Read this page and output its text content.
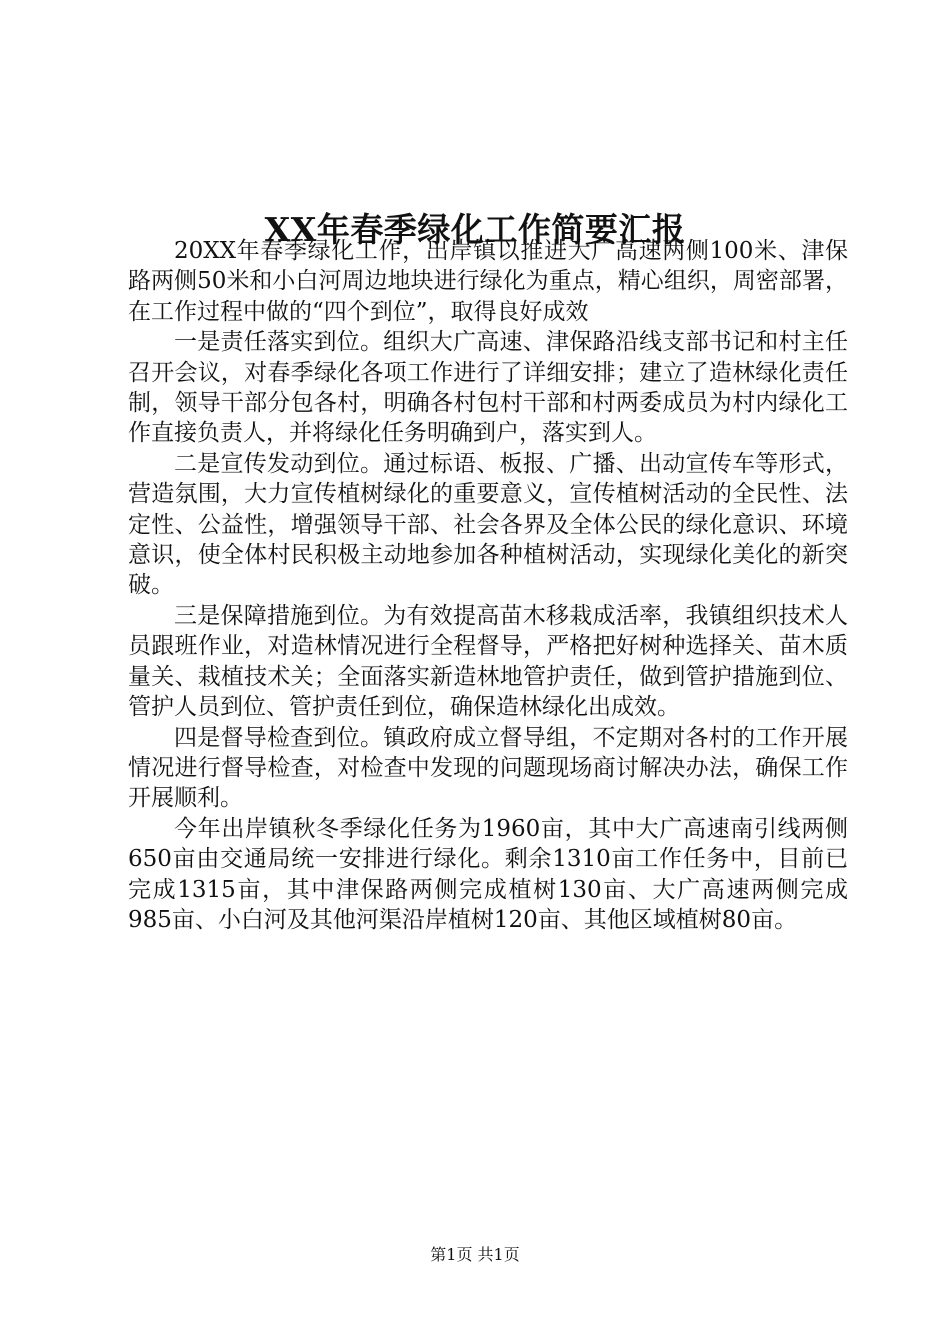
XX年春季绿化工作简要汇报

20XX年春季绿化工作，出岸镇以推进大广高速两侧100米、津保路两侧50米和小白河周边地块进行绿化为重点，精心组织，周密部署，在工作过程中做的“四个到位”，取得良好成效

一是责任落实到位。组织大广高速、津保路沿线支部书记和村主任召开会议，对春季绿化各项工作进行了详细安排；建立了造林绿化责任制，领导干部分包各村，明确各村包村干部和村两委成员为村内绿化工作直接负责人，并将绿化任务明确到户，落实到人。

二是宣传发动到位。通过标语、板报、广播、出动宣传车等形式，营造氛围，大力宣传植树绿化的重要意义，宣传植树活动的全民性、法定性、公益性，增强领导干部、社会各界及全体公民的绿化意识、环境意识，使全体村民积极主动地参加各种植树活动，实现绿化美化的新突破。

三是保障措施到位。为有效提高苗木移栽成活率，我镇组织技术人员跟班作业，对造林情况进行全程督导，严格把好树种选择关、苗木质量关、栽植技术关；全面落实新造林地管护责任，做到管护措施到位、管护人员到位、管护责任到位，确保造林绿化出成效。

四是督导检查到位。镇政府成立督导组，不定期对各村的工作开展情况进行督导检查，对检查中发现的问题现场商讨解决办法，确保工作开展顺利。

今年出岸镇秋冬季绿化任务为1960亩，其中大广高速南引线两侧650亩由交通局统一安排进行绿化。剩余1310亩工作任务中，目前已完成1315亩，其中津保路两侧完成植树130亩、大广高速两侧完成985亩、小白河及其他河渠沿岸植树120亩、其他区域植树80亩。

第1页 共1页
